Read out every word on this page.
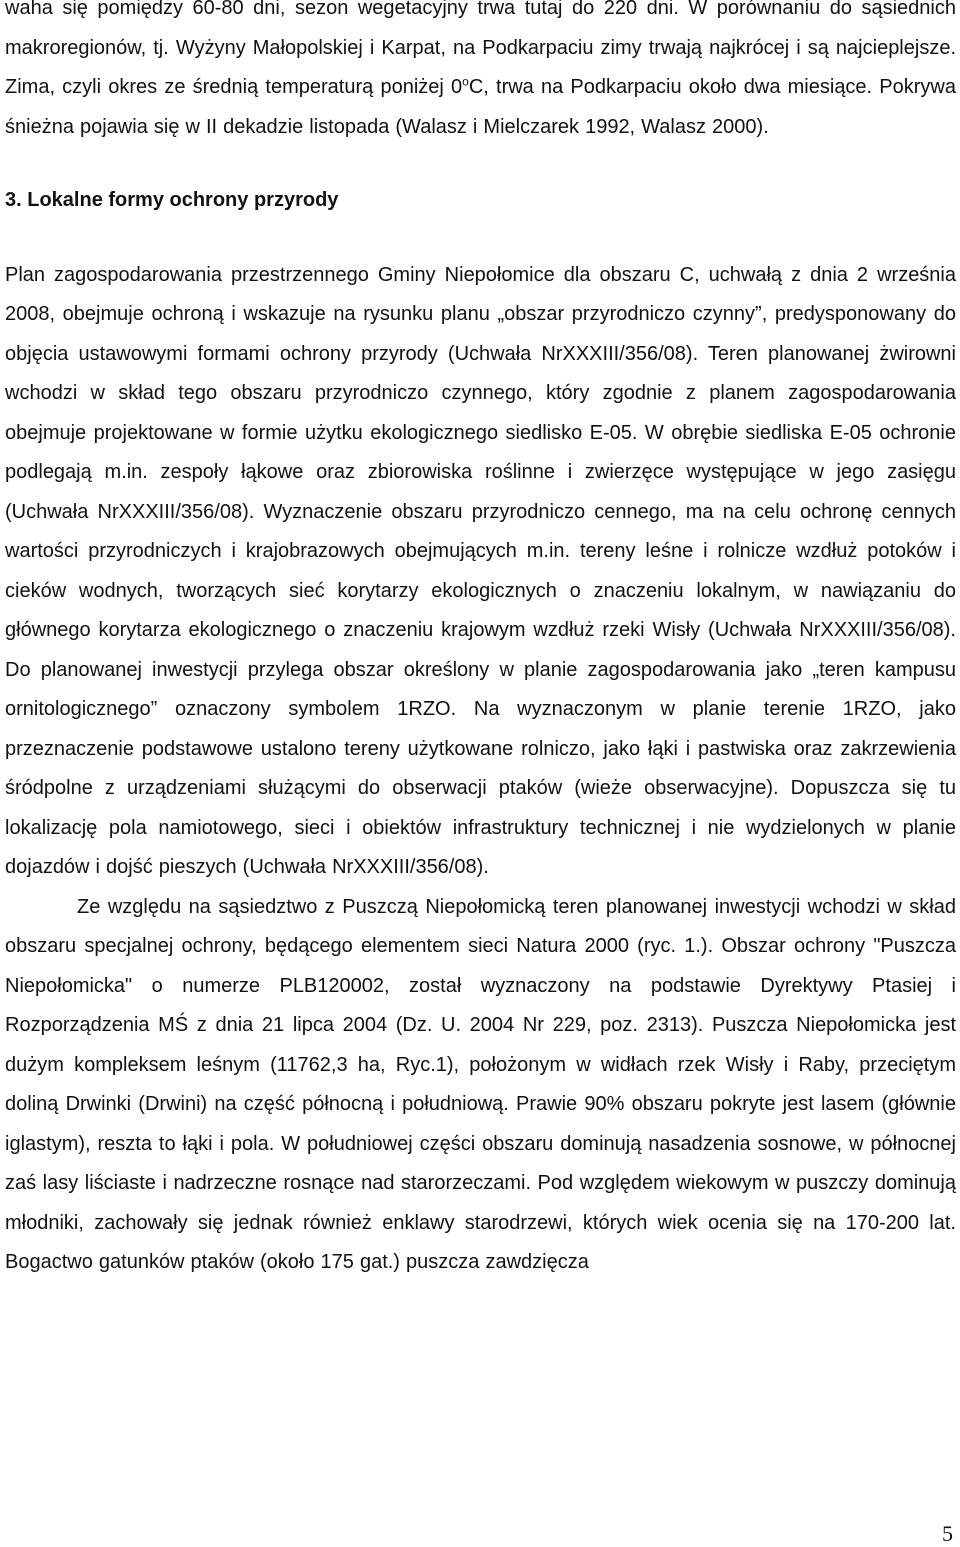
waha się pomiędzy 60-80 dni, sezon wegetacyjny trwa tutaj do 220 dni. W porównaniu do sąsiednich makroregionów, tj. Wyżyny Małopolskiej i Karpat, na Podkarpaciu zimy trwają najkrócej i są najcieplejsze. Zima, czyli okres ze średnią temperaturą poniżej 0$^o$C, trwa na Podkarpaciu około dwa miesiące. Pokrywa śnieżna pojawia się w II dekadzie listopada (Walasz i Mielczarek 1992, Walasz 2000).

3. Lokalne formy ochrony przyrody

Plan zagospodarowania przestrzennego Gminy Niepołomice dla obszaru C, uchwałą z dnia 2 września 2008, obejmuje ochroną i wskazuje na rysunku planu „obszar przyrodniczo czynny”, predysponowany do objęcia ustawowymi formami ochrony przyrody (Uchwała NrXXXIII/356/08). Teren planowanej żwirowni wchodzi w skład tego obszaru przyrodniczo czynnego, który zgodnie z planem zagospodarowania obejmuje projektowane w formie użytku ekologicznego siedlisko E-05. W obrębie siedliska E-05 ochronie podlegają m.in. zespoły łąkowe oraz zbiorowiska roślinne i zwierzęce występujące w jego zasięgu (Uchwała NrXXXIII/356/08). Wyznaczenie obszaru przyrodniczo cennego, ma na celu ochronę cennych wartości przyrodniczych i krajobrazowych obejmujących m.in. tereny leśne i rolnicze wzdłuż potoków i cieków wodnych, tworzących sieć korytarzy ekologicznych o znaczeniu lokalnym, w nawiązaniu do głównego korytarza ekologicznego o znaczeniu krajowym wzdłuż rzeki Wisły (Uchwała NrXXXIII/356/08). Do planowanej inwestycji przylega obszar określony w planie zagospodarowania jako „teren kampusu ornitologicznego” oznaczony symbolem 1RZO. Na wyznaczonym w planie terenie 1RZO, jako przeznaczenie podstawowe ustalono tereny użytkowane rolniczo, jako łąki i pastwiska oraz zakrzewienia śródpolne z urządzeniami służącymi do obserwacji ptaków (wieże obserwacyjne). Dopuszcza się tu lokalizację pola namiotowego, sieci i obiektów infrastruktury technicznej i nie wydzielonych w planie dojazdów i dojść pieszych (Uchwała NrXXXIII/356/08).

Ze względu na sąsiedztwo z Puszczą Niepołomicką teren planowanej inwestycji wchodzi w skład obszaru specjalnej ochrony, będącego elementem sieci Natura 2000 (ryc. 1.). Obszar ochrony "Puszcza Niepołomicka" o numerze PLB120002, został wyznaczony na podstawie Dyrektywy Ptasiej i Rozporządzenia MŚ z dnia 21 lipca 2004 (Dz. U. 2004 Nr 229, poz. 2313). Puszcza Niepołomicka jest dużym kompleksem leśnym (11762,3 ha, Ryc.1), położonym w widłach rzek Wisły i Raby, przeciętym doliną Drwinki (Drwini) na część północną i południową. Prawie 90% obszaru pokryte jest lasem (głównie iglastym), reszta to łąki i pola. W południowej części obszaru dominują nasadzenia sosnowe, w północnej zaś lasy liściaste i nadrzeczne rosnące nad starorzeczami. Pod względem wiekowym w puszczy dominują młodniki, zachowały się jednak również enklawy starodrzewi, których wiek ocenia się na 170-200 lat. Bogactwo gatunków ptaków (około 175 gat.) puszcza zawdzięcza

5
